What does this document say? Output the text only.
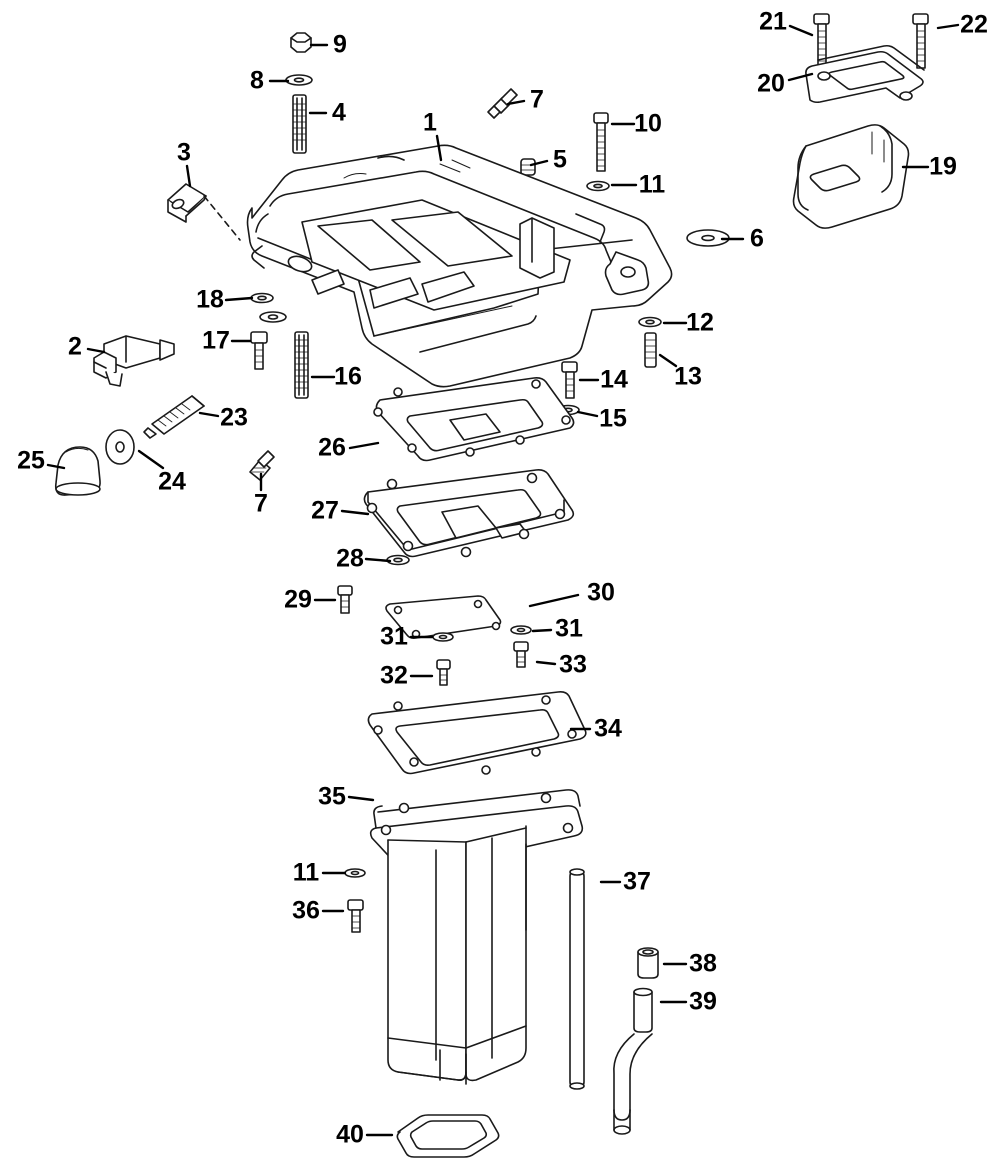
9
8
4	7
1	10
5
11
3
6
19
20
21	22
18
17
2
16
23
24
25
7
12
13
14
15
26
27
28
29	30
31	31
33
32
34
35
11
36
37
38
39
40
